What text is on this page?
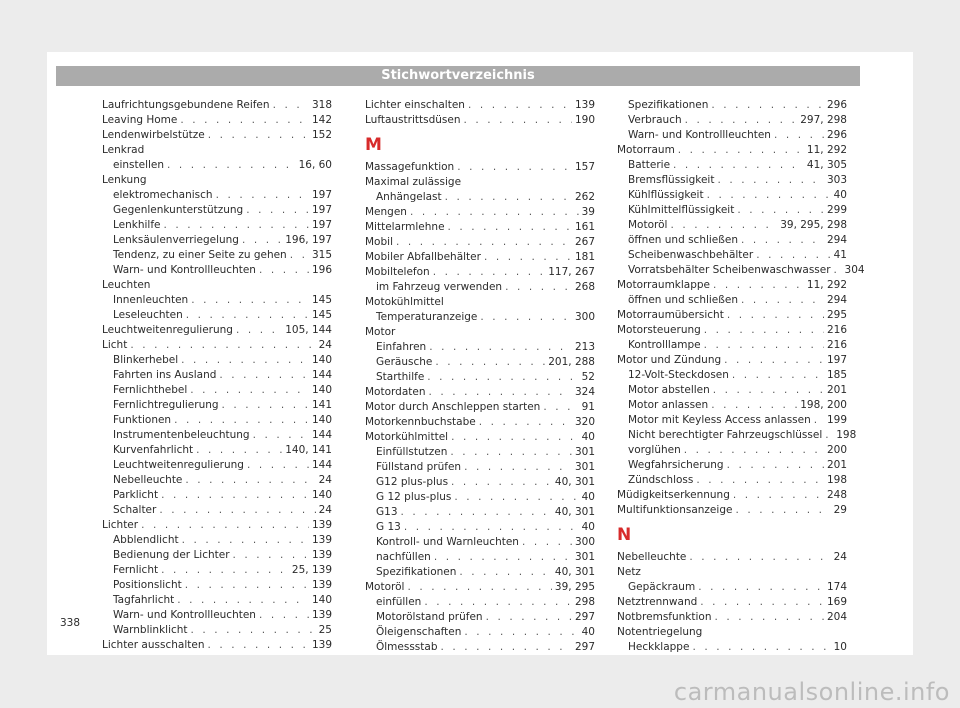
Stichwortverzeichnis
Laufrichtungsgebundene Reifen . . .	318
Leaving Home . . .	142
Lendenwirbelstütze . . .	152
Lenkrad
einstellen . . .	16, 60
Lenkung
elektromechanisch . . .	197
Gegenlenkunterstützung . . .	197
Lenkhilfe . . .	197
Lenksäulenverriegelung . . .	196, 197
Tendenz, zu einer Seite zu gehen . . . 315
Warn- und Kontrollleuchten . . .	196
Leuchten
Innenleuchten . . .	145
Leseleuchten . . .	145
Leuchtweitenregulierung . . .	105, 144
Licht . . .	24
Blinkerhebel . . .	140
Fahrten ins Ausland . . .	144
Fernlichthebel . . .	140
Fernlichtregulierung . . .	141
Funktionen . . .	140
Instrumentenbeleuchtung . . .	144
Kurvenfahrlicht . . .	140, 141
Leuchtweitenregulierung . . .	144
Nebelleuchte . . .	24
Parklicht . . .	140
Schalter . . .	24
Lichter . . .	139
Abblendlicht . . .	139
Bedienung der Lichter . . .	139
Fernlicht . . .	25, 139
Positionslicht . . .	139
Tagfahrlicht . . .	140
Warn- und Kontrollleuchten . . .	139
Warnblinklicht . . .	25
Lichter ausschalten . . .	139
Lichter einschalten . . .	139
Luftaustrittsdüsen . . .	190
M
Massagefunktion . . .	157
Maximal zulässige
Anhängelast . . .	262
Mengen . . .	39
Mittelarmlehne . . .	161
Mobil . . .	267
Mobiler Abfallbehälter . . .	181
Mobiltelefon . . .	117, 267
im Fahrzeug verwenden . . .	268
Motokühlmittel
Temperaturanzeige . . .	300
Motor
Einfahren . . .	213
Geräusche . . .	201, 288
Starthilfe . . .	52
Motordaten . . .	324
Motor durch Anschleppen starten . . .	91
Motorkennbuchstabe . . .	320
Motorkühlmittel . . .	40
Einfüllstutzen . . .	301
Füllstand prüfen . . .	301
G12 plus-plus . . .	40, 301
G 12 plus-plus . . .	40
G13 . . .	40, 301
G 13 . . .	40
Kontroll- und Warnleuchten . . .	300
nachfüllen . . .	301
Spezifikationen . . .	40, 301
Motoröl . . .	39, 295
einfüllen . . .	298
Motorölstand prüfen . . .	297
Öleigenschaften . . .	40
Ölmessstab . . .	297
Spezifikationen . . .	296
Verbrauch . . .	297, 298
Warn- und Kontrollleuchten . . .	296
Motorraum . . .	11, 292
Batterie . . .	41, 305
Bremsflüssigkeit . . .	303
Kühlflüssigkeit . . .	40
Kühlmittelflüssigkeit . . .	299
Motoröl . . .	39, 295, 298
öffnen und schließen . . .	294
Scheibenwaschbehälter . . .	41
Vorratsbehälter Scheibenwaschwasser . . . 304
Motorraumklappe . . .	11, 292
öffnen und schließen . . .	294
Motorraumübersicht . . .	295
Motorsteuerung . . .	216
Kontrolllampe . . .	216
Motor und Zündung . . .	197
12-Volt-Steckdosen . . .	185
Motor abstellen . . .	201
Motor anlassen . . .	198, 200
Motor mit Keyless Access anlassen . . . 199
Nicht berechtigter Fahrzeugschlüssel . . . 198
vorglühen . . .	200
Wegfahrsicherung . . .	201
Zündschloss . . .	198
Müdigkeitserkennung . . .	248
Multifunktionsanzeige . . .	29
N
Nebelleuchte . . .	24
Netz
Gepäckraum . . .	174
Netztrennwand . . .	169
Notbremsfunktion . . .	204
Notentriegelung
Heckklappe . . .	10
338
carmanualsonline.info
